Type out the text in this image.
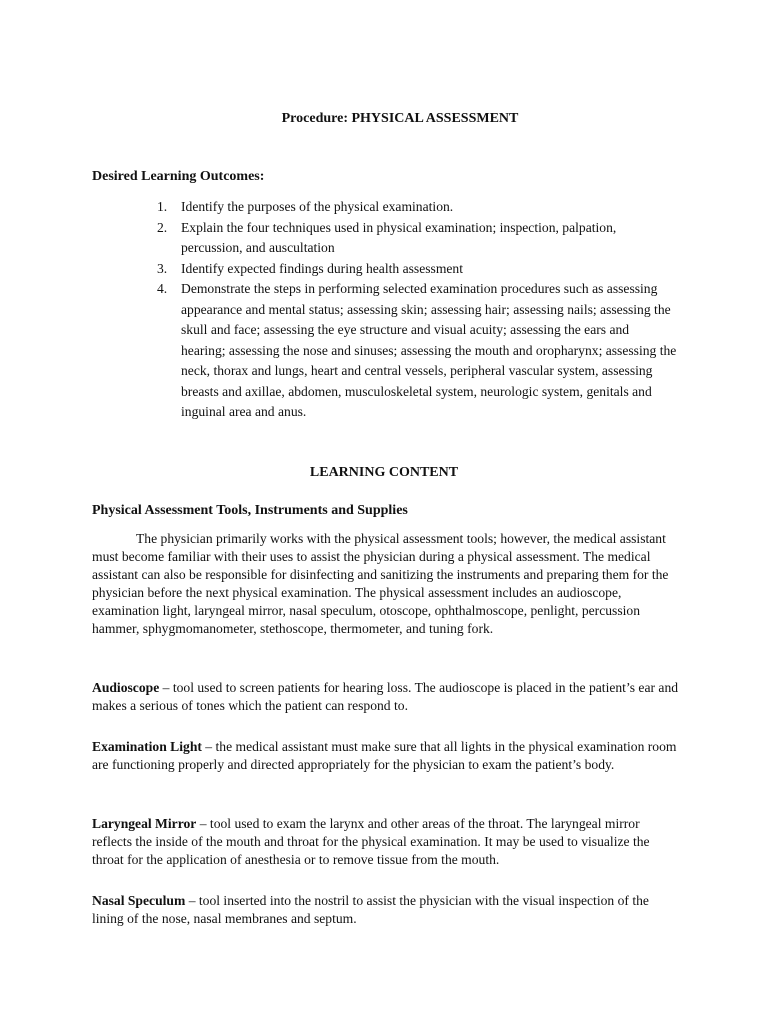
Procedure: PHYSICAL ASSESSMENT
Desired Learning Outcomes:
1. Identify the purposes of the physical examination.
2. Explain the four techniques used in physical examination; inspection, palpation, percussion, and auscultation
3. Identify expected findings during health assessment
4. Demonstrate the steps in performing selected examination procedures such as assessing appearance and mental status; assessing skin; assessing hair; assessing nails; assessing the skull and face; assessing the eye structure and visual acuity; assessing the ears and hearing; assessing the nose and sinuses; assessing the mouth and oropharynx; assessing the neck, thorax and lungs, heart and central vessels, peripheral vascular system, assessing breasts and axillae, abdomen, musculoskeletal system, neurologic system, genitals and inguinal area and anus.
LEARNING CONTENT
Physical Assessment Tools, Instruments and Supplies

The physician primarily works with the physical assessment tools; however, the medical assistant must become familiar with their uses to assist the physician during a physical assessment. The medical assistant can also be responsible for disinfecting and sanitizing the instruments and preparing them for the physician before the next physical examination. The physical assessment includes an audioscope, examination light, laryngeal mirror, nasal speculum, otoscope, ophthalmoscope, penlight, percussion hammer, sphygmomanometer, stethoscope, thermometer, and tuning fork.

Audioscope – tool used to screen patients for hearing loss. The audioscope is placed in the patient’s ear and makes a serious of tones which the patient can respond to.

Examination Light – the medical assistant must make sure that all lights in the physical examination room are functioning properly and directed appropriately for the physician to exam the patient’s body.

Laryngeal Mirror – tool used to exam the larynx and other areas of the throat. The laryngeal mirror reflects the inside of the mouth and throat for the physical examination. It may be used to visualize the throat for the application of anesthesia or to remove tissue from the mouth.

Nasal Speculum – tool inserted into the nostril to assist the physician with the visual inspection of the lining of the nose, nasal membranes and septum.
